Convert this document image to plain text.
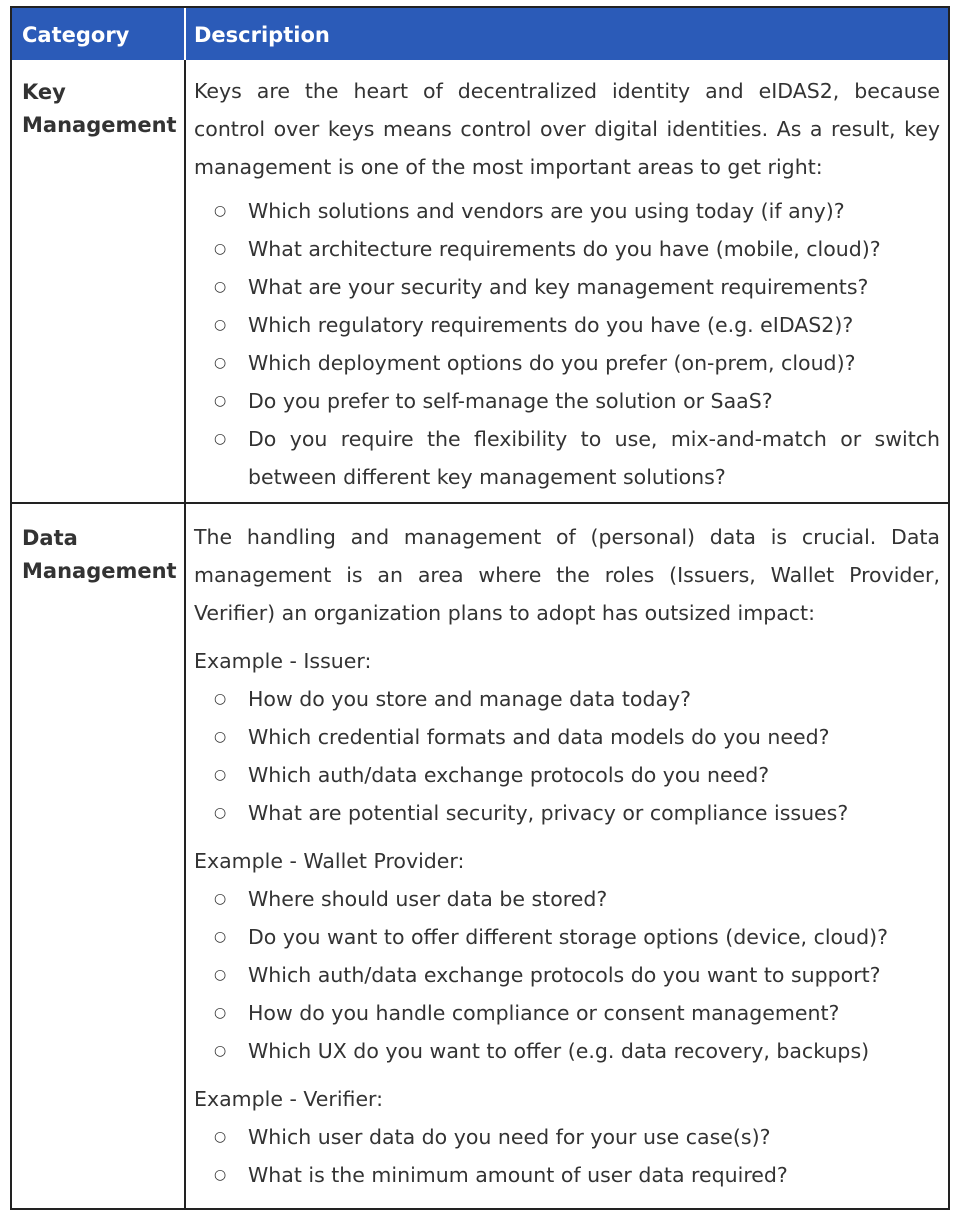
Category	Description
Key
Management

Keys are the heart of decentralized identity and eIDAS2, because control over keys means control over digital identities. As a result, key management is one of the most important areas to get right:

○ Which solutions and vendors are you using today (if any)?
○ What architecture requirements do you have (mobile, cloud)?
○ What are your security and key management requirements?
○ Which regulatory requirements do you have (e.g. eIDAS2)?
○ Which deployment options do you prefer (on-prem, cloud)?
○ Do you prefer to self-manage the solution or SaaS?
○ Do you require the flexibility to use, mix-and-match or switch between different key management solutions?
Data
Management

The handling and management of (personal) data is crucial. Data management is an area where the roles (Issuers, Wallet Provider, Verifier) an organization plans to adopt has outsized impact:

Example - Issuer:
○ How do you store and manage data today?
○ Which credential formats and data models do you need?
○ Which auth/data exchange protocols do you need?
○ What are potential security, privacy or compliance issues?
Example - Wallet Provider:
○ Where should user data be stored?
○ Do you want to offer different storage options (device, cloud)?
○ Which auth/data exchange protocols do you want to support?
○ How do you handle compliance or consent management?
○ Which UX do you want to offer (e.g. data recovery, backups)
Example - Verifier:
○ Which user data do you need for your use case(s)?
○ What is the minimum amount of user data required?
